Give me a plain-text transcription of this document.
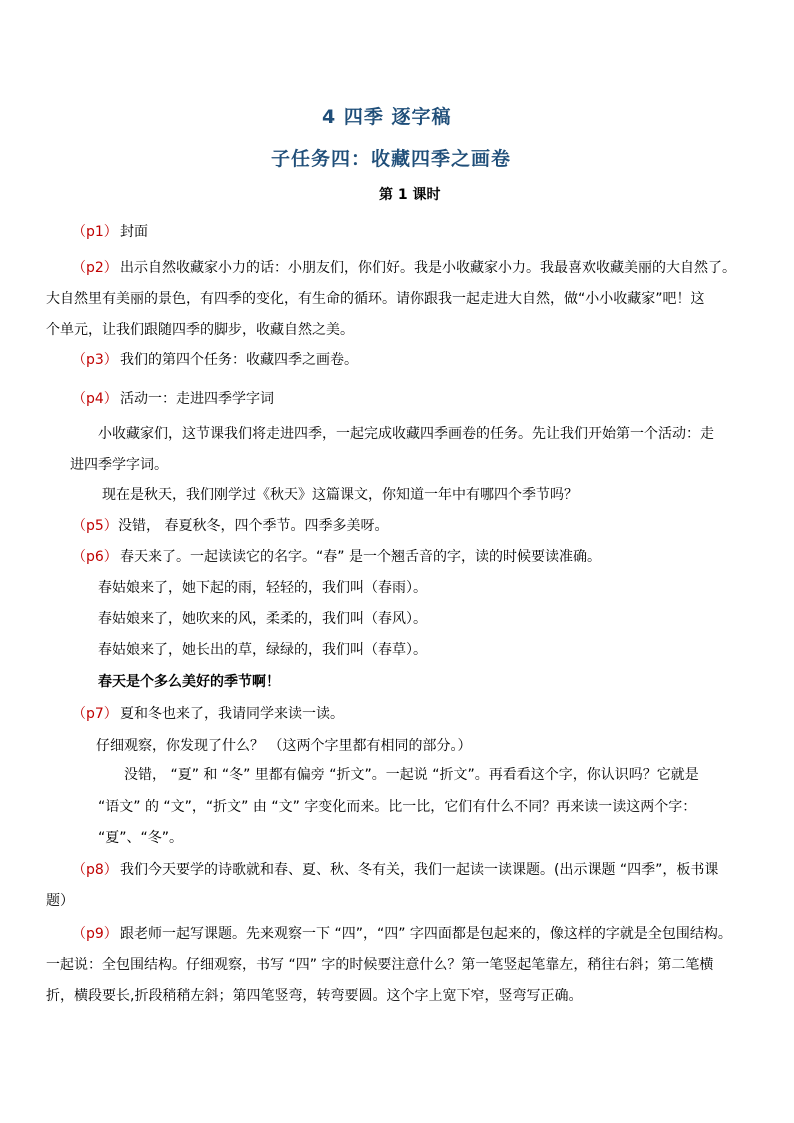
4 四季 逐字稿
子任务四：收藏四季之画卷
第 1 课时
（p1） 封面
（p2） 出示自然收藏家小力的话：小朋友们，你们好。我是小收藏家小力。我最喜欢收藏美丽的大自然了。
大自然里有美丽的景色，有四季的变化，有生命的循环。请你跟我一起走进大自然，做“小小收藏家”吧！这
个单元，让我们跟随四季的脚步，收藏自然之美。
（p3） 我们的第四个任务：收藏四季之画卷。
（p4） 活动一：走进四季学字词
小收藏家们，这节课我们将走进四季，一起完成收藏四季画卷的任务。先让我们开始第一个活动：走
进四季学字词。
现在是秋天，我们刚学过《秋天》这篇课文，你知道一年中有哪四个季节吗？
（p5） 没错， 春夏秋冬，四个季节。四季多美呀。
（p6） 春天来了。一起读读它的名字。“春” 是一个翘舌音的字，读的时候要读准确。
春姑娘来了，她下起的雨，轻轻的，我们叫（春雨）。
春姑娘来了，她吹来的风，柔柔的，我们叫（春风）。
春姑娘来了，她长出的草，绿绿的，我们叫（春草）。
春天是个多么美好的季节啊！
（p7） 夏和冬也来了，我请同学来读一读。
仔细观察，你发现了什么？ （这两个字里都有相同的部分。）
没错， “夏” 和 “冬” 里都有偏旁 “折文”。一起说 “折文”。再看看这个字，你认识吗？它就是
“语文” 的 “文”，“折文” 由 “文” 字变化而来。比一比，它们有什么不同？再来读一读这两个字：
“夏”、“冬”。
（p8） 我们今天要学的诗歌就和春、夏、秋、冬有关，我们一起读一读课题。(出示课题 “四季”，板书课
题）
（p9） 跟老师一起写课题。先来观察一下 “四”，“四” 字四面都是包起来的，像这样的字就是全包围结构。
一起说：全包围结构。仔细观察，书写 “四” 字的时候要注意什么？第一笔竖起笔靠左，稍往右斜；第二笔横
折，横段要长,折段稍稍左斜；第四笔竖弯，转弯要圆。这个字上宽下窄，竖弯写正确。
